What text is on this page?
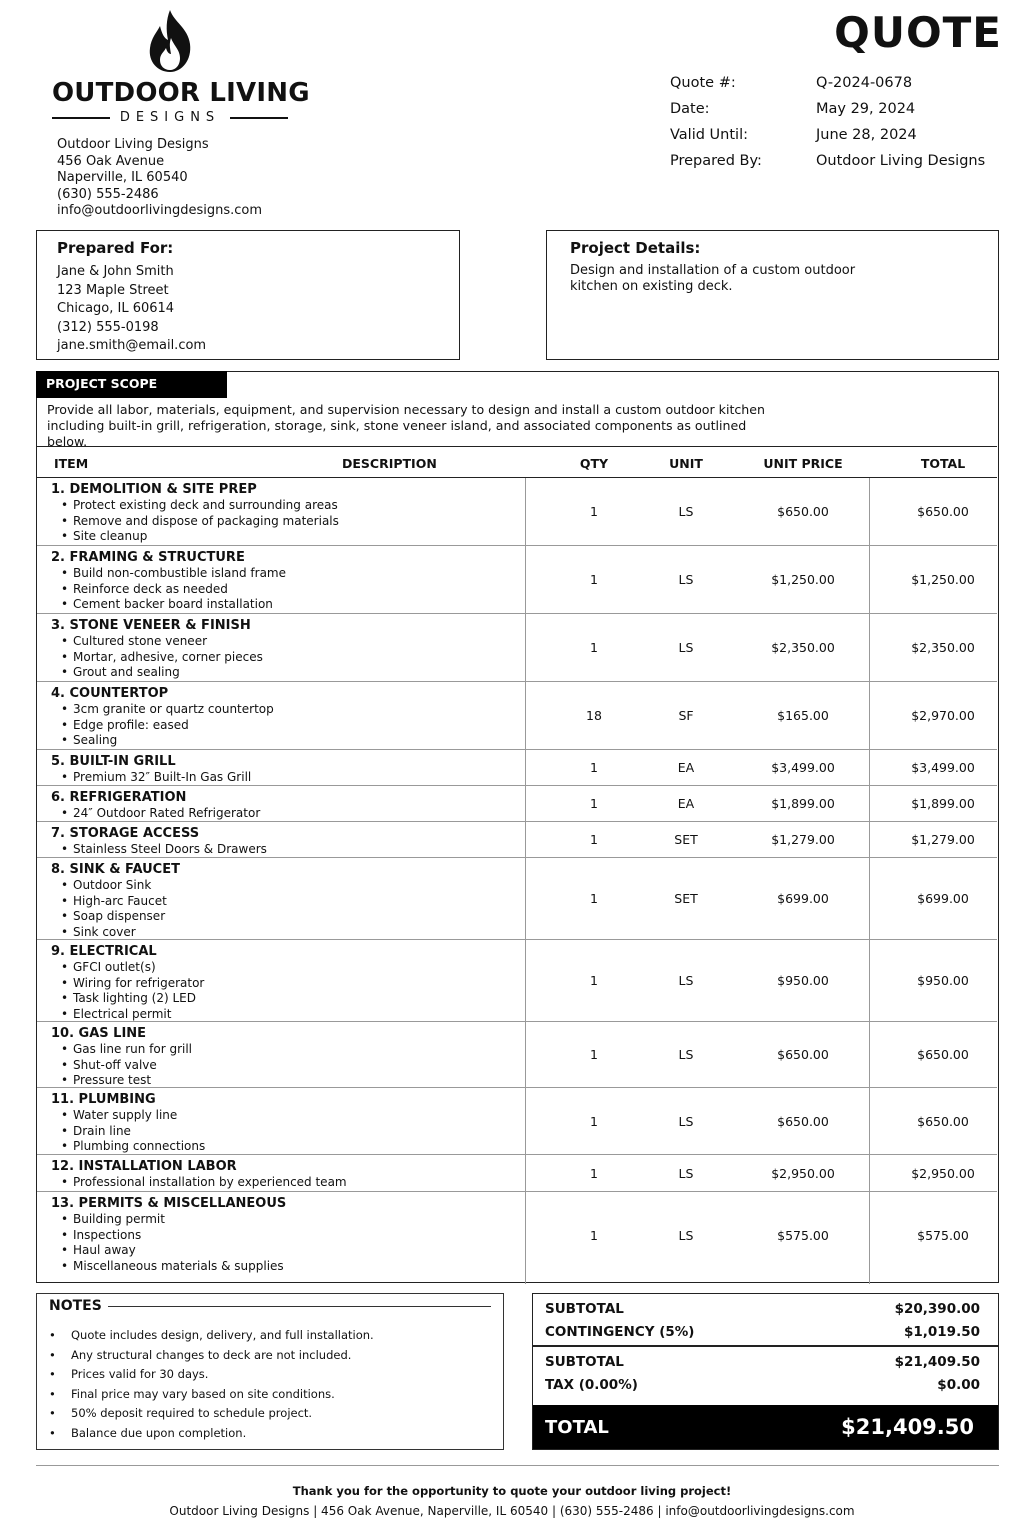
OUTDOOR LIVING
DESIGNS
Outdoor Living Designs
456 Oak Avenue
Naperville, IL 60540
(630) 555-2486
info@outdoorlivingdesigns.com
QUOTE
Quote #:	Q-2024-0678
Date:	May 29, 2024
Valid Until:	June 28, 2024
Prepared By:	Outdoor Living Designs
Prepared For:
Jane & John Smith
123 Maple Street
Chicago, IL 60614
(312) 555-0198
jane.smith@email.com
Project Details:

Design and installation of a custom outdoor kitchen on existing deck.

PROJECT SCOPE
Provide all labor, materials, equipment, and supervision necessary to design and install a custom outdoor kitchen including built-in grill, refrigeration, storage, sink, stone veneer island, and associated components as outlined below.
ITEM	DESCRIPTION	QTY	UNIT	UNIT PRICE	TOTAL
1. DEMOLITION & SITE PREP
• Protect existing deck and surrounding areas
• Remove and dispose of packaging materials
• Site cleanup
1	LS	$650.00	$650.00
2. FRAMING & STRUCTURE
• Build non-combustible island frame
• Reinforce deck as needed
• Cement backer board installation
1	LS	$1,250.00	$1,250.00
3. STONE VENEER & FINISH
• Cultured stone veneer
• Mortar, adhesive, corner pieces
• Grout and sealing
1	LS	$2,350.00	$2,350.00
4. COUNTERTOP
• 3cm granite or quartz countertop
• Edge profile: eased
• Sealing
18	SF	$165.00	$2,970.00
5. BUILT-IN GRILL
• Premium 32″ Built-In Gas Grill
1	EA	$3,499.00	$3,499.00
6. REFRIGERATION
• 24″ Outdoor Rated Refrigerator
1	EA	$1,899.00	$1,899.00
7. STORAGE ACCESS
• Stainless Steel Doors & Drawers
1	SET	$1,279.00	$1,279.00
8. SINK & FAUCET
• Outdoor Sink
• High-arc Faucet
• Soap dispenser
• Sink cover
1	SET	$699.00	$699.00
9. ELECTRICAL
• GFCI outlet(s)
• Wiring for refrigerator
• Task lighting (2) LED
• Electrical permit
1	LS	$950.00	$950.00
10. GAS LINE
• Gas line run for grill
• Shut-off valve
• Pressure test
1	LS	$650.00	$650.00
11. PLUMBING
• Water supply line
• Drain line
• Plumbing connections
1	LS	$650.00	$650.00
12. INSTALLATION LABOR
• Professional installation by experienced team
1	LS	$2,950.00	$2,950.00
13. PERMITS & MISCELLANEOUS
• Building permit
• Inspections
• Haul away
• Miscellaneous materials & supplies
1	LS	$575.00	$575.00
NOTES
• Quote includes design, delivery, and full installation.
• Any structural changes to deck are not included.
• Prices valid for 30 days.
• Final price may vary based on site conditions.
• 50% deposit required to schedule project.
• Balance due upon completion.
SUBTOTAL	$20,390.00
CONTINGENCY (5%)	$1,019.50
SUBTOTAL	$21,409.50
TAX (0.00%)	$0.00
TOTAL	$21,409.50
Thank you for the opportunity to quote your outdoor living project!
Outdoor Living Designs | 456 Oak Avenue, Naperville, IL 60540 | (630) 555-2486 | info@outdoorlivingdesigns.com
